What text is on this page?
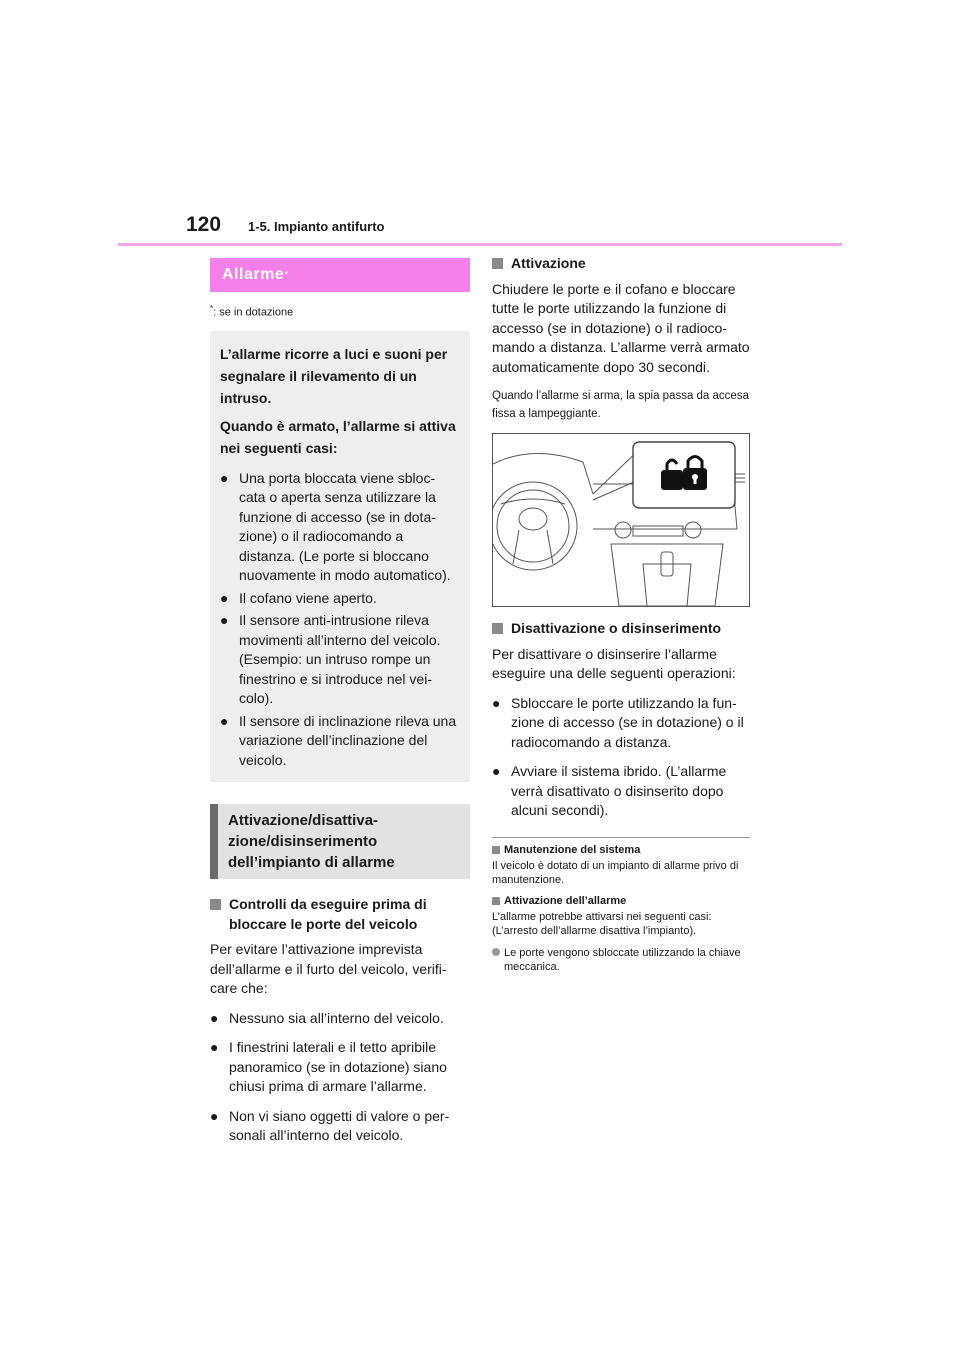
120 1-5. Impianto antifurto
Allarme *

*: se in dotazione

L’allarme ricorre a luci e suoni per segnalare il rilevamento di un intruso.

Quando è armato, l’allarme si attiva nei seguenti casi:

● Una porta bloccata viene sbloc-cata o aperta senza utilizzare la funzione di accesso (se in dota-zione) o il radiocomando a distanza. (Le porte si bloccano nuovamente in modo automatico).
● Il cofano viene aperto.
● Il sensore anti-intrusione rileva movimenti all’interno del veicolo. (Esempio: un intruso rompe un finestrino e si introduce nel vei-colo).
● Il sensore di inclinazione rileva una variazione dell’inclinazione del veicolo.
Attivazione/disattiva-zione/disinserimento dell’impianto di allarme

Controlli da eseguire prima di bloccare le porte del veicolo

Per evitare l’attivazione imprevista dell’allarme e il furto del veicolo, verifi-care che:

● Nessuno sia all’interno del veicolo.
● I finestrini laterali e il tetto apribile panoramico (se in dotazione) siano chiusi prima di armare l’allarme.
● Non vi siano oggetti di valore o per-sonali all’interno del veicolo.

Attivazione

Chiudere le porte e il cofano e bloccare tutte le porte utilizzando la funzione di accesso (se in dotazione) o il radioco-mando a distanza. L’allarme verrà armato automaticamente dopo 30 secondi.

Quando l’allarme si arma, la spia passa da accesa fissa a lampeggiante.

Disattivazione o disinserimento

Per disattivare o disinserire l’allarme eseguire una delle seguenti operazioni:

● Sbloccare le porte utilizzando la fun-zione di accesso (se in dotazione) o il radiocomando a distanza.
● Avviare il sistema ibrido. (L’allarme verrà disattivato o disinserito dopo alcuni secondi).

Manutenzione del sistema

Il veicolo è dotato di un impianto di allarme privo di manutenzione.

Attivazione dell’allarme

L’allarme potrebbe attivarsi nei seguenti casi: (L’arresto dell’allarme disattiva l’impianto).

Le porte vengono sbloccate utilizzando la chiave meccanica.
